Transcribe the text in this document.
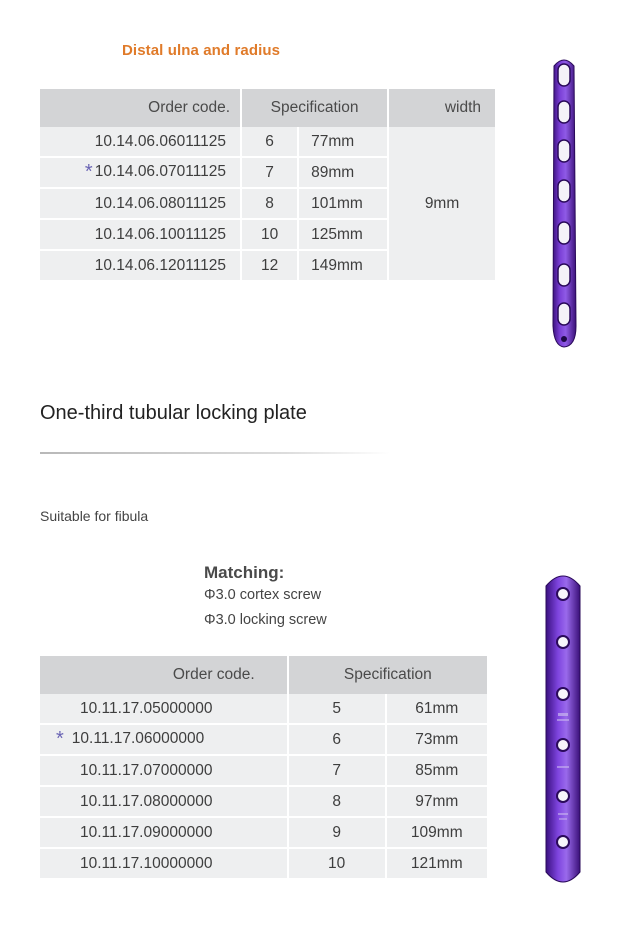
Distal ulna and radius
Order code.	Specification		width
10.14.06.06011125	6	77mm	9mm
* 10.14.06.07011125	7	89mm	
10.14.06.08011125	8	101mm	
10.14.06.10011125	10	125mm	
10.14.06.12011125	12	149mm	
One-third tubular locking plate
Suitable for fibula
Matching:
Φ3.0 cortex screw
Φ3.0 locking screw
Order code.	Specification	
10.11.17.05000000	5	61mm
* 10.11.17.06000000	6	73mm
10.11.17.07000000	7	85mm
10.11.17.08000000	8	97mm
10.11.17.09000000	9	109mm
10.11.17.10000000	10	121mm
